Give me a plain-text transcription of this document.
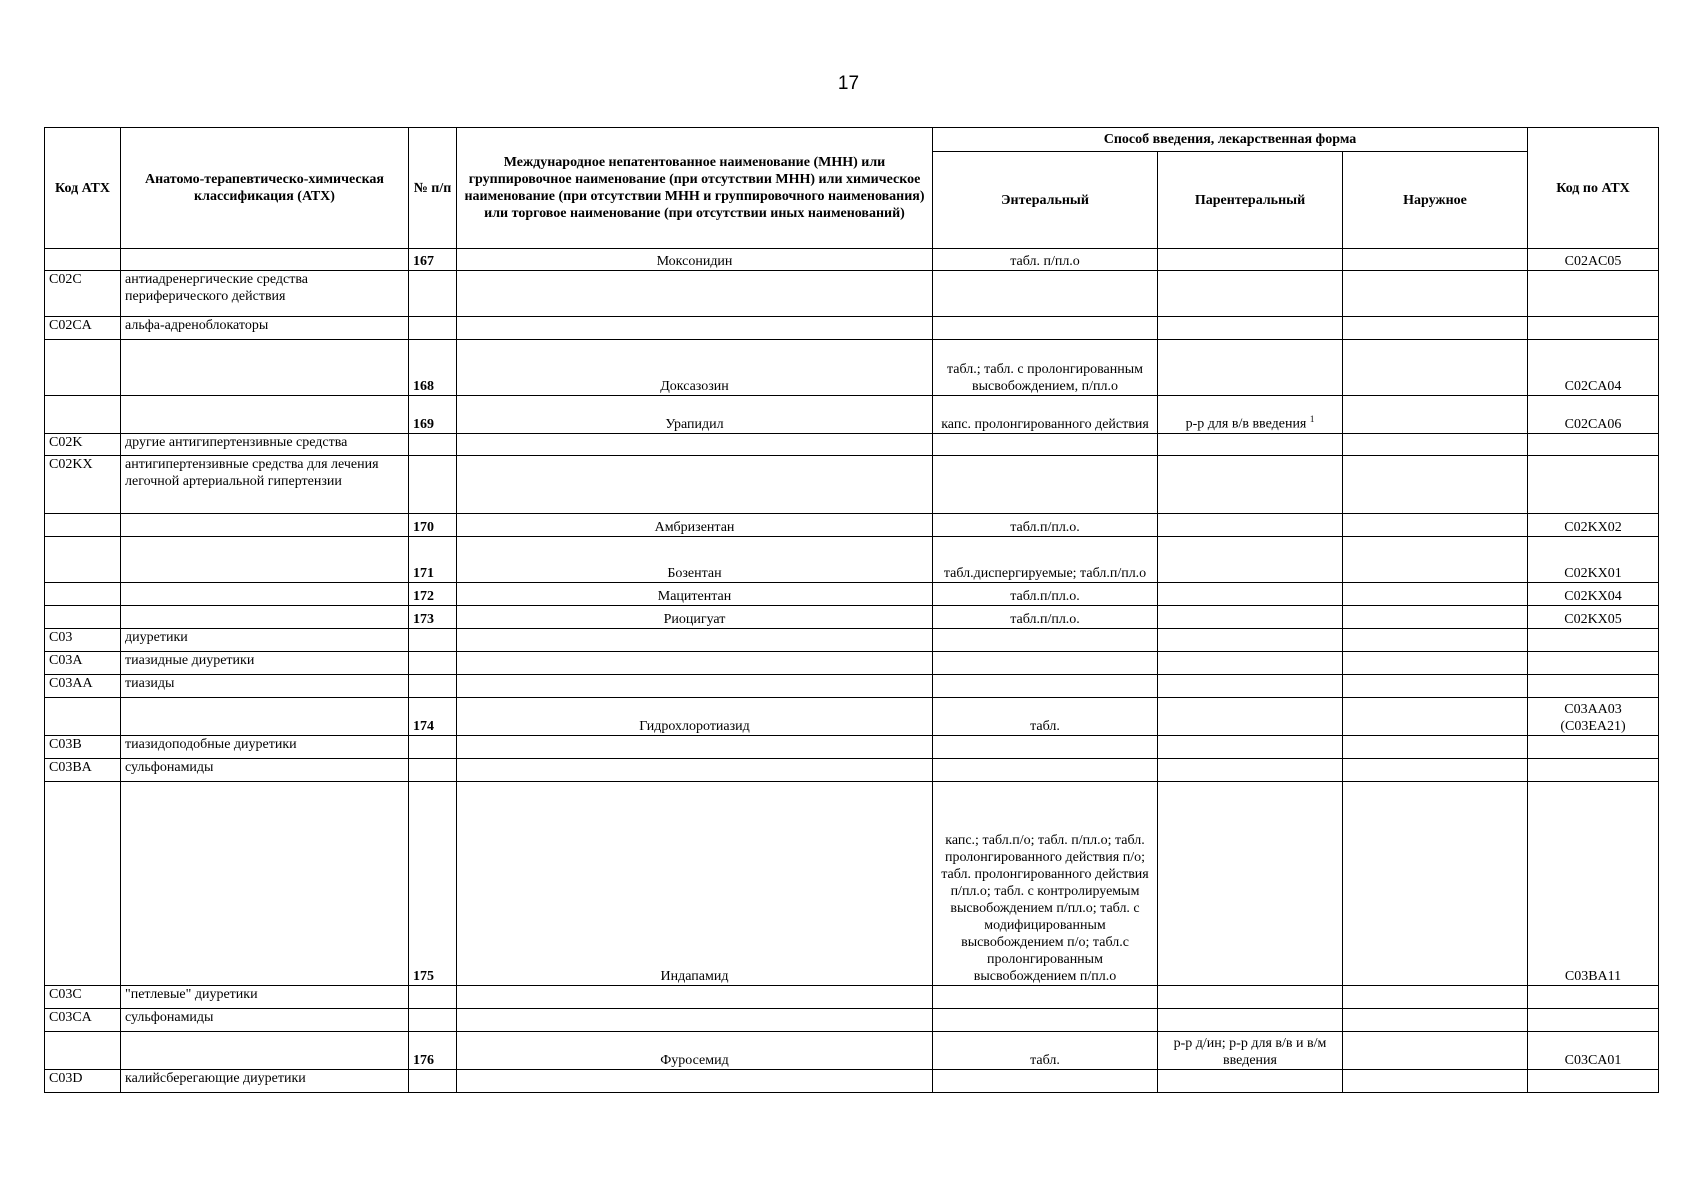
17
Код АТХ	Анатомо-терапевтическо-химическая классификация (АТХ)	№ п/п	Международное непатентованное наименование (МНН) или группировочное наименование (при отсутствии МНН) или химическое наименование (при отсутствии МНН и группировочного наименования) или торговое наименование (при отсутствии иных наименований)	Способ введения, лекарственная форма			Код по АТХ
				Энтеральный	Парентеральный	Наружное	
		167	Моксонидин	табл. п/пл.о			C02AC05
C02C	антиадренергические средства периферического действия						
C02CA	альфа-адреноблокаторы						
		168	Доксазозин	табл.; табл. с пролонгированным высвобождением, п/пл.о			C02CA04
		169	Урапидил	капс. пролонгированного действия	р-р для в/в введения $^1$		C02CA06
C02K	другие антигипертензивные средства						
C02KX	антигипертензивные средства для лечения легочной артериальной гипертензии						
		170	Амбризентан	табл.п/пл.о.			C02KX02
		171	Бозентан	табл.диспергируемые; табл.п/пл.о			C02KX01
		172	Мацитентан	табл.п/пл.о.			C02KX04
		173	Риоцигуат	табл.п/пл.о.			C02KX05
C03	диуретики						
C03A	тиазидные диуретики						
C03AA	тиазиды						
		174	Гидрохлоротиазид	табл.			C03AA03 (C03EA21)
C03B	тиазидоподобные диуретики						
C03BA	сульфонамиды						
		175	Индапамид	капс.; табл.п/о; табл. п/пл.о; табл. пролонгированного действия п/о; табл. пролонгированного действия п/пл.о; табл. с контролируемым высвобождением п/пл.о; табл. с модифицированным высвобождением п/о; табл.с пролонгированным высвобождением п/пл.о			C03BA11
C03C	"петлевые" диуретики						
C03CA	сульфонамиды						
		176	Фуросемид	табл.	р-р д/ин; р-р для в/в и в/м введения		C03CA01
C03D	калийсберегающие диуретики						
